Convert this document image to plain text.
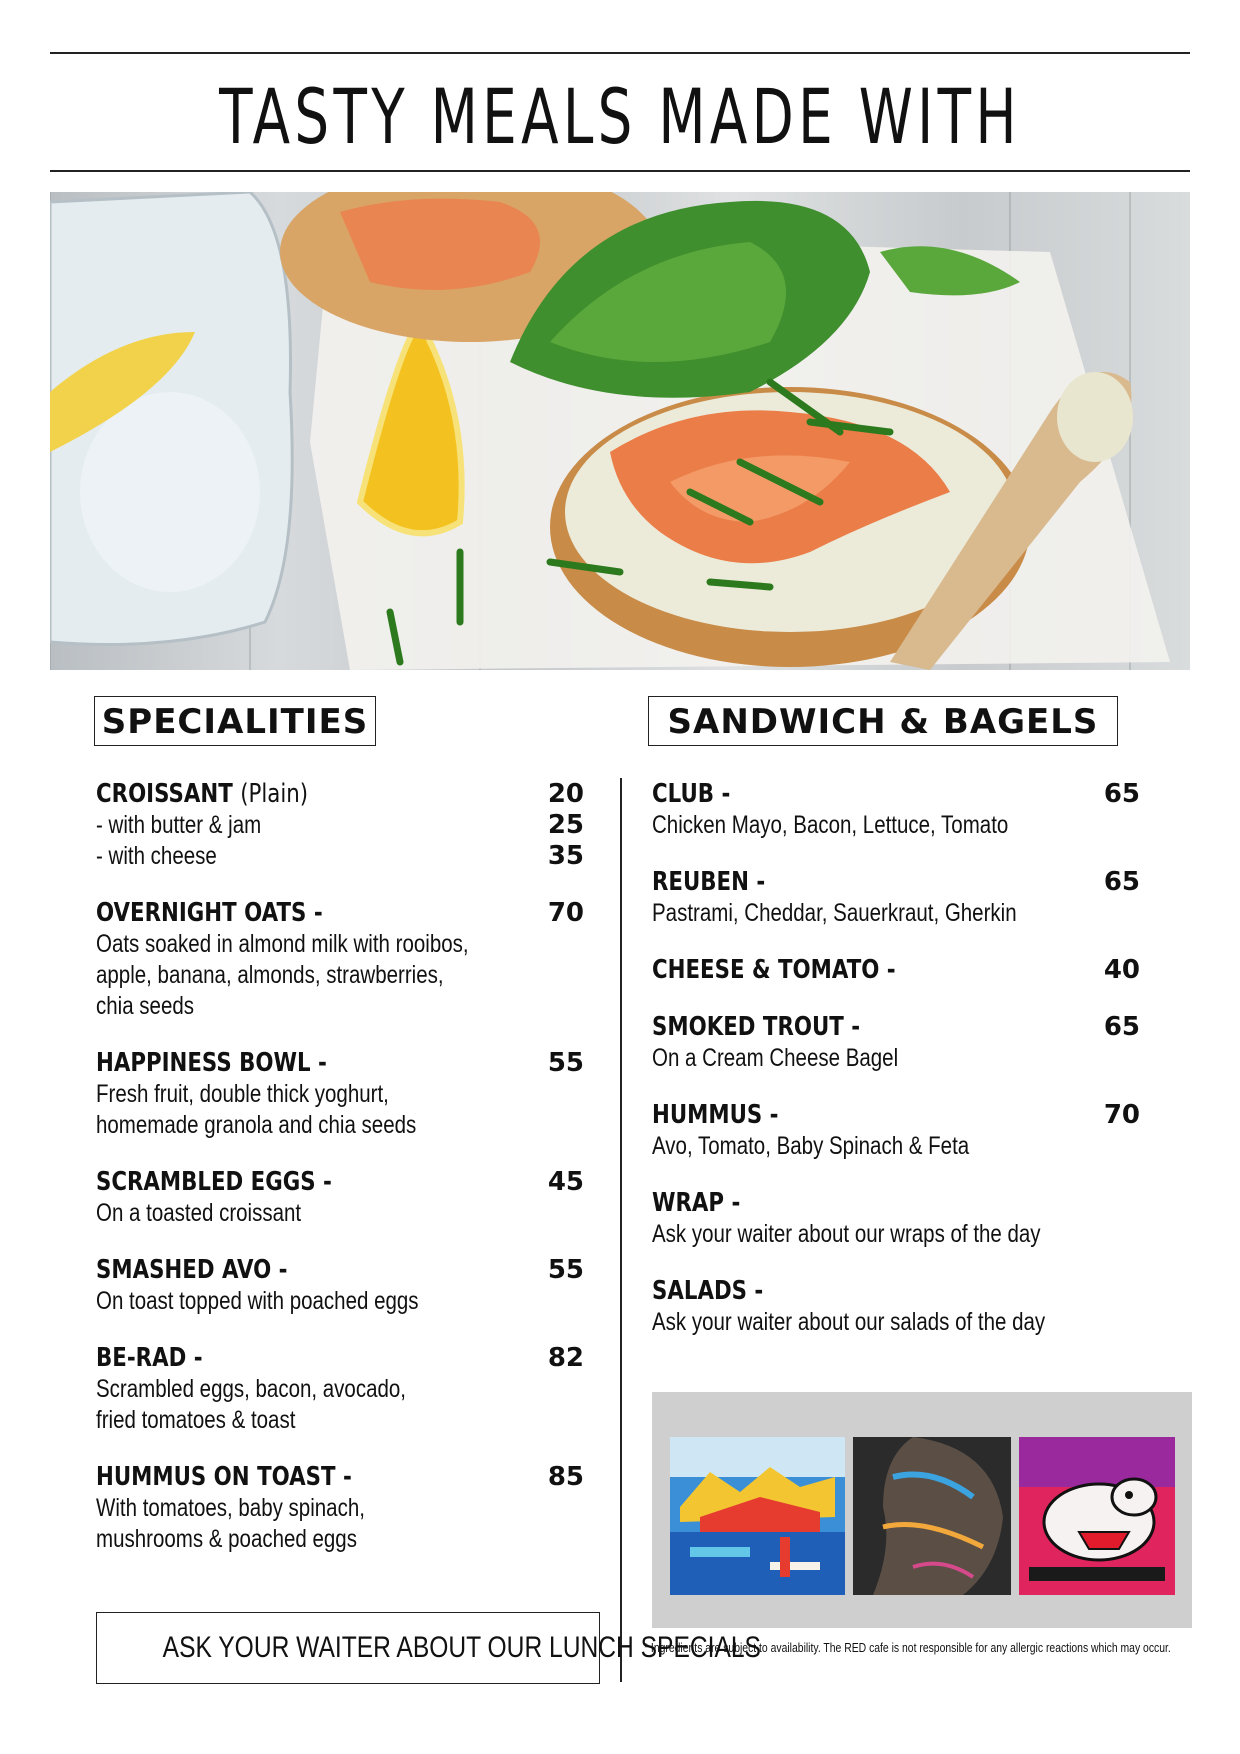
TASTY MEALS MADE WITH
SPECIALITIES	SANDWICH & BAGELS
CROISSANT (Plain)	20
- with butter & jam	25
- with cheese	35
OVERNIGHT OATS -	70
Oats soaked in almond milk with rooibos,
apple, banana, almonds, strawberries,
chia seeds
HAPPINESS BOWL -	55
Fresh fruit, double thick yoghurt,
homemade granola and chia seeds
SCRAMBLED EGGS -	45
On a toasted croissant
SMASHED AVO -	55
On toast topped with poached eggs
BE-RAD -	82
Scrambled eggs, bacon, avocado,
fried tomatoes & toast
HUMMUS ON TOAST -	85
With tomatoes, baby spinach,
mushrooms & poached eggs
ASK YOUR WAITER ABOUT OUR LUNCH SPECIALS
CLUB -	65
Chicken Mayo, Bacon, Lettuce, Tomato
REUBEN -	65
Pastrami, Cheddar, Sauerkraut, Gherkin
CHEESE & TOMATO -	40
SMOKED TROUT -	65
On a Cream Cheese Bagel
HUMMUS -	70
Avo, Tomato, Baby Spinach & Feta
WRAP -
Ask your waiter about our wraps of the day
SALADS -
Ask your waiter about our salads of the day
* Ingredients are subject to availability. The RED cafe is not responsible for any allergic reactions which may occur.
